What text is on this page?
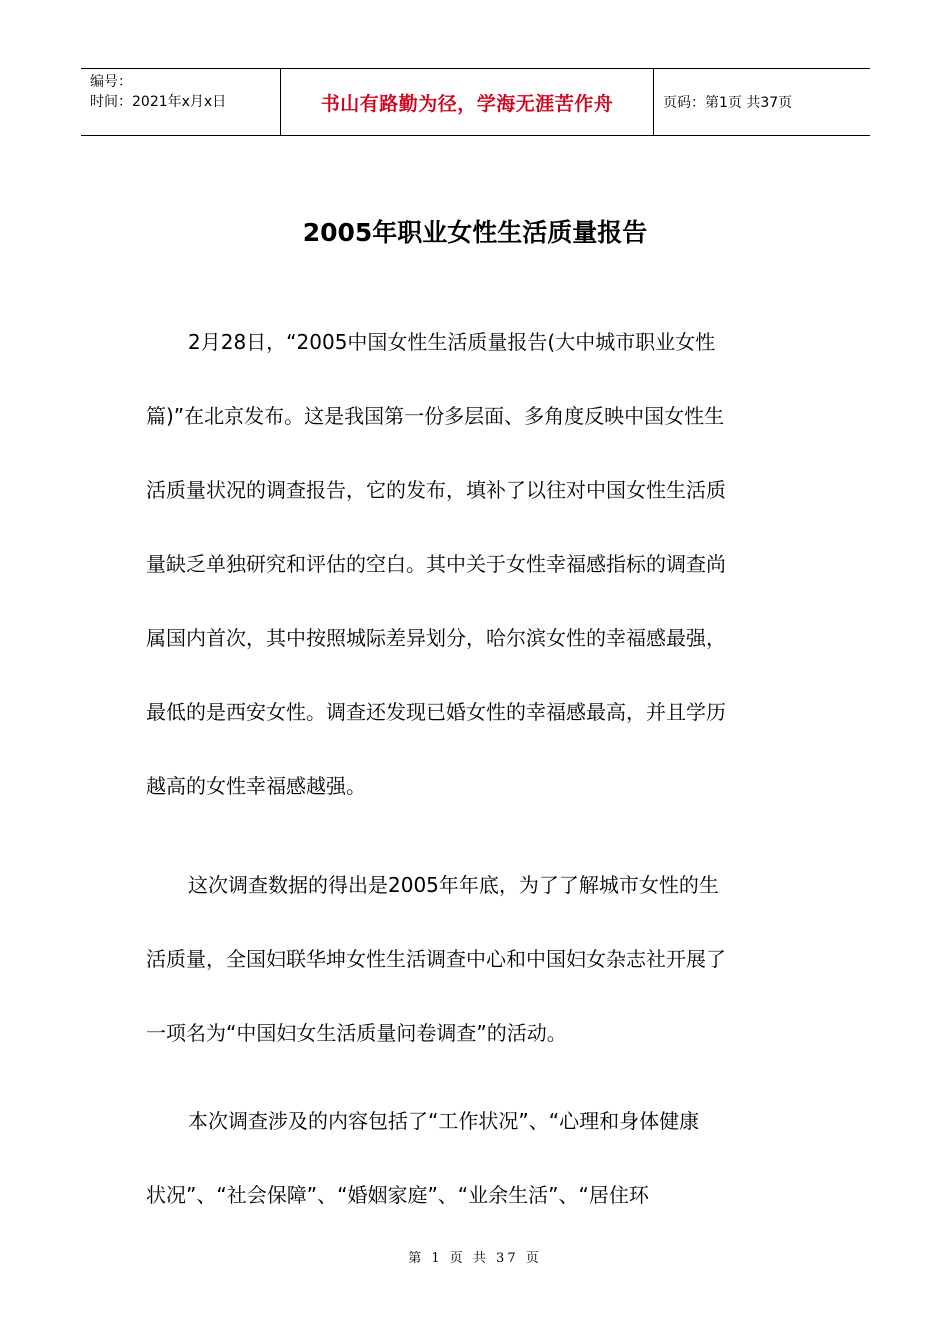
编号：
时间：2021年x月x日	书山有路勤为径，学海无涯苦作舟	页码：第1页 共37页
2005年职业女性生活质量报告
2月28日，“2005中国女性生活质量报告(大中城市职业女性
篇)”在北京发布。这是我国第一份多层面、多角度反映中国女性生
活质量状况的调查报告，它的发布，填补了以往对中国女性生活质
量缺乏单独研究和评估的空白。其中关于女性幸福感指标的调查尚
属国内首次，其中按照城际差异划分，哈尔滨女性的幸福感最强，
最低的是西安女性。调查还发现已婚女性的幸福感最高，并且学历
越高的女性幸福感越强。
这次调查数据的得出是2005年年底，为了了解城市女性的生
活质量，全国妇联华坤女性生活调查中心和中国妇女杂志社开展了
一项名为“中国妇女生活质量问卷调查”的活动。
本次调查涉及的内容包括了“工作状况”、“心理和身体健康
状况”、“社会保障”、“婚姻家庭”、“业余生活”、“居住环
第 1 页 共 37 页
